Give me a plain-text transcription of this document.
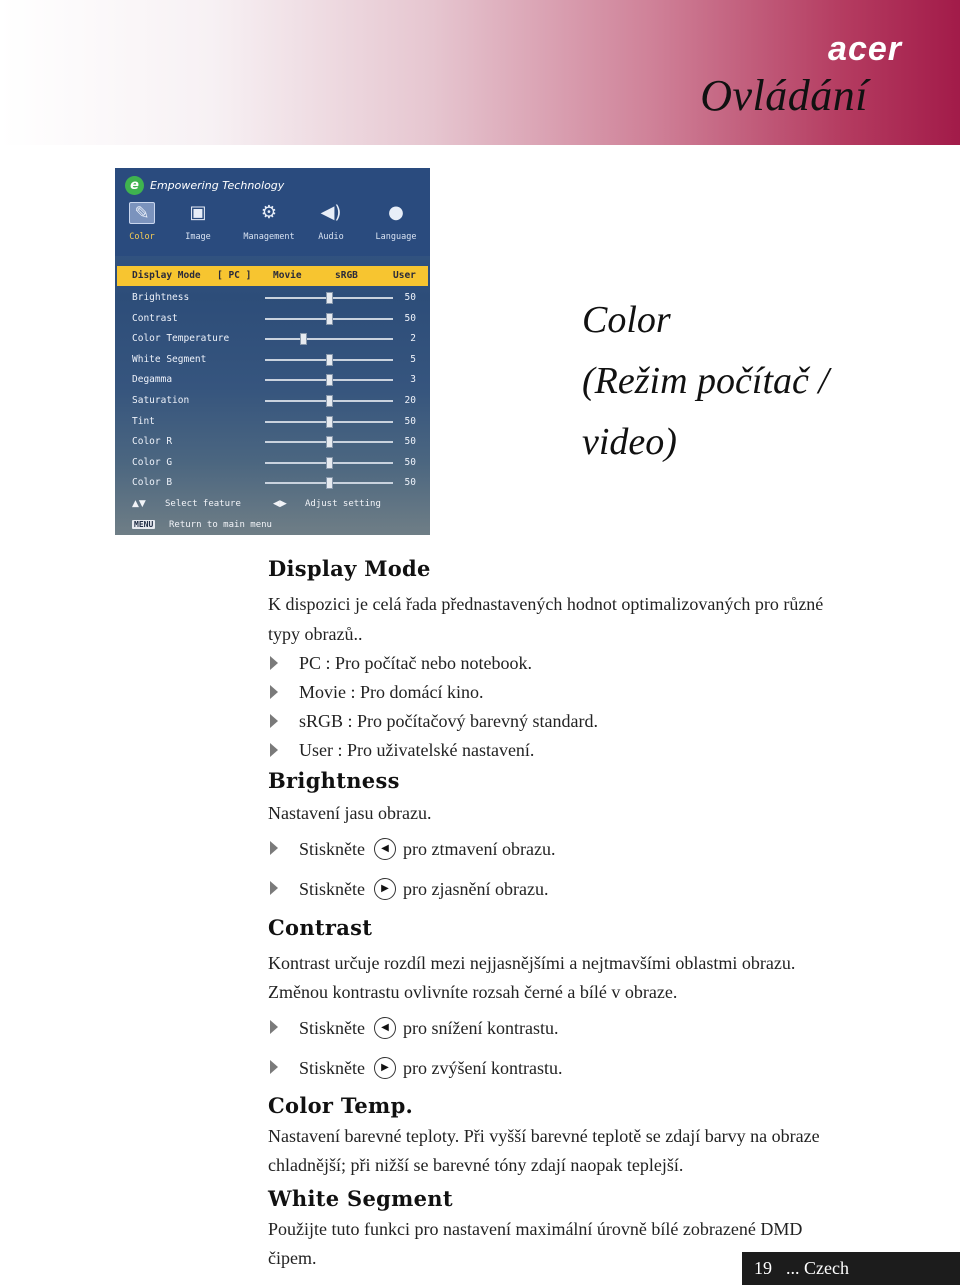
acer
Ovládání
e	Empowering Technology
✎
Color
▣
Image
⚙
Management
◀)
Audio
●
Language
Display Mode [ PC ] Movie	sRGB	User
Brightness	50
Contrast	50
Color Temperature	2
White Segment	5
Degamma	3
Saturation	20
Tint	50
Color R	50
Color G	50
Color B	50
▲▼ Select feature	◀▶ Adjust setting
MENU Return to main menu
Color
(Režim počítač /
video)
Display Mode
K dispozici je celá řada přednastavených hodnot optimalizovaných pro různé
typy obrazů..
PC : Pro počítač nebo notebook.
Movie : Pro domácí kino.
sRGB : Pro počítačový barevný standard.
User : Pro uživatelské nastavení.
Brightness
Nastavení jasu obrazu.
Stiskněte ◀ pro ztmavení obrazu.
Stiskněte ▶ pro zjasnění obrazu.
Contrast
Kontrast určuje rozdíl mezi nejjasnějšími a nejtmavšími oblastmi obrazu.
Změnou kontrastu ovlivníte rozsah černé a bílé v obraze.
Stiskněte ◀ pro snížení kontrastu.
Stiskněte ▶ pro zvýšení kontrastu.
Color Temp.
Nastavení barevné teploty. Při vyšší barevné teplotě se zdají barvy na obraze
chladnější; při nižší se barevné tóny zdají naopak teplejší.
White Segment
Použijte tuto funkci pro nastavení maximální úrovně bílé zobrazené DMD
čipem.	19 ... Czech
